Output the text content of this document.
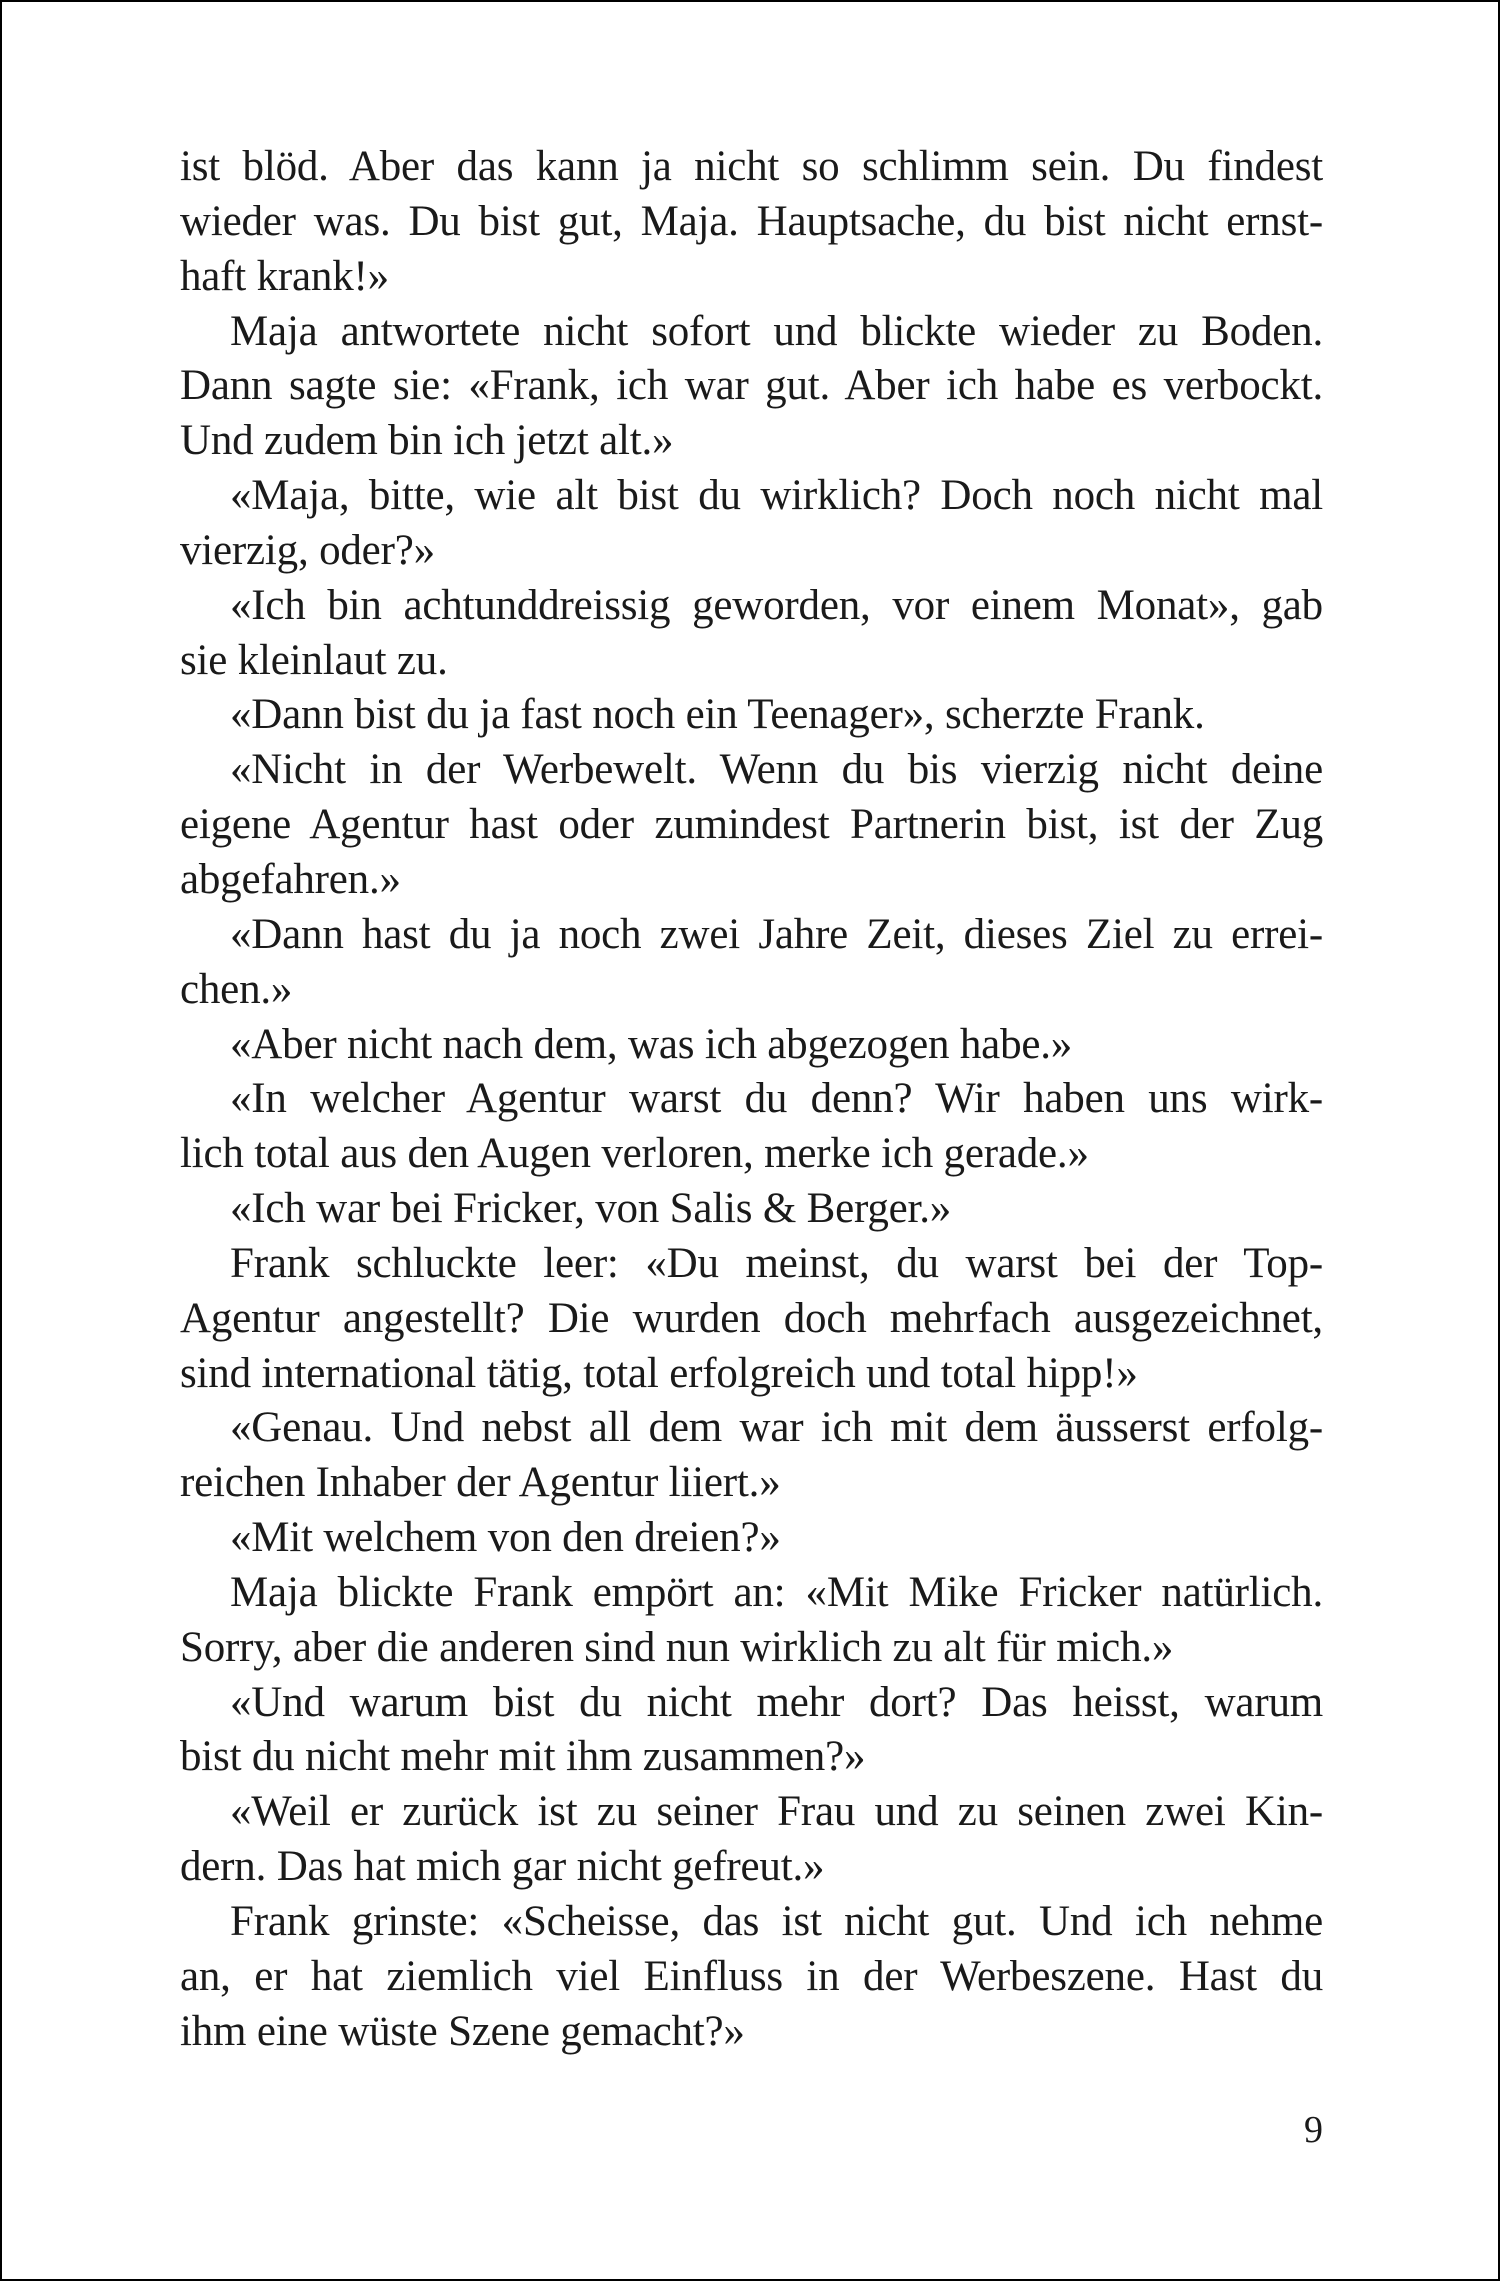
ist blöd. Aber das kann ja nicht so schlimm sein. Du findest
wieder was. Du bist gut, Maja. Hauptsache, du bist nicht ernst-
haft krank!»
Maja antwortete nicht sofort und blickte wieder zu Boden.
Dann sagte sie: «Frank, ich war gut. Aber ich habe es verbockt.
Und zudem bin ich jetzt alt.»
«Maja, bitte, wie alt bist du wirklich? Doch noch nicht mal
vierzig, oder?»
«Ich bin achtunddreissig geworden, vor einem Monat», gab
sie kleinlaut zu.
«Dann bist du ja fast noch ein Teenager», scherzte Frank.
«Nicht in der Werbewelt. Wenn du bis vierzig nicht deine
eigene Agentur hast oder zumindest Partnerin bist, ist der Zug
abgefahren.»
«Dann hast du ja noch zwei Jahre Zeit, dieses Ziel zu errei-
chen.»
«Aber nicht nach dem, was ich abgezogen habe.»
«In welcher Agentur warst du denn? Wir haben uns wirk-
lich total aus den Augen verloren, merke ich gerade.»
«Ich war bei Fricker, von Salis & Berger.»
Frank schluckte leer: «Du meinst, du warst bei der Top-
Agentur angestellt? Die wurden doch mehrfach ausgezeichnet,
sind international tätig, total erfolgreich und total hipp!»
«Genau. Und nebst all dem war ich mit dem äusserst erfolg-
reichen Inhaber der Agentur liiert.»
«Mit welchem von den dreien?»
Maja blickte Frank empört an: «Mit Mike Fricker natürlich.
Sorry, aber die anderen sind nun wirklich zu alt für mich.»
«Und warum bist du nicht mehr dort? Das heisst, warum
bist du nicht mehr mit ihm zusammen?»
«Weil er zurück ist zu seiner Frau und zu seinen zwei Kin-
dern. Das hat mich gar nicht gefreut.»
Frank grinste: «Scheisse, das ist nicht gut. Und ich nehme
an, er hat ziemlich viel Einfluss in der Werbeszene. Hast du
ihm eine wüste Szene gemacht?»
9
